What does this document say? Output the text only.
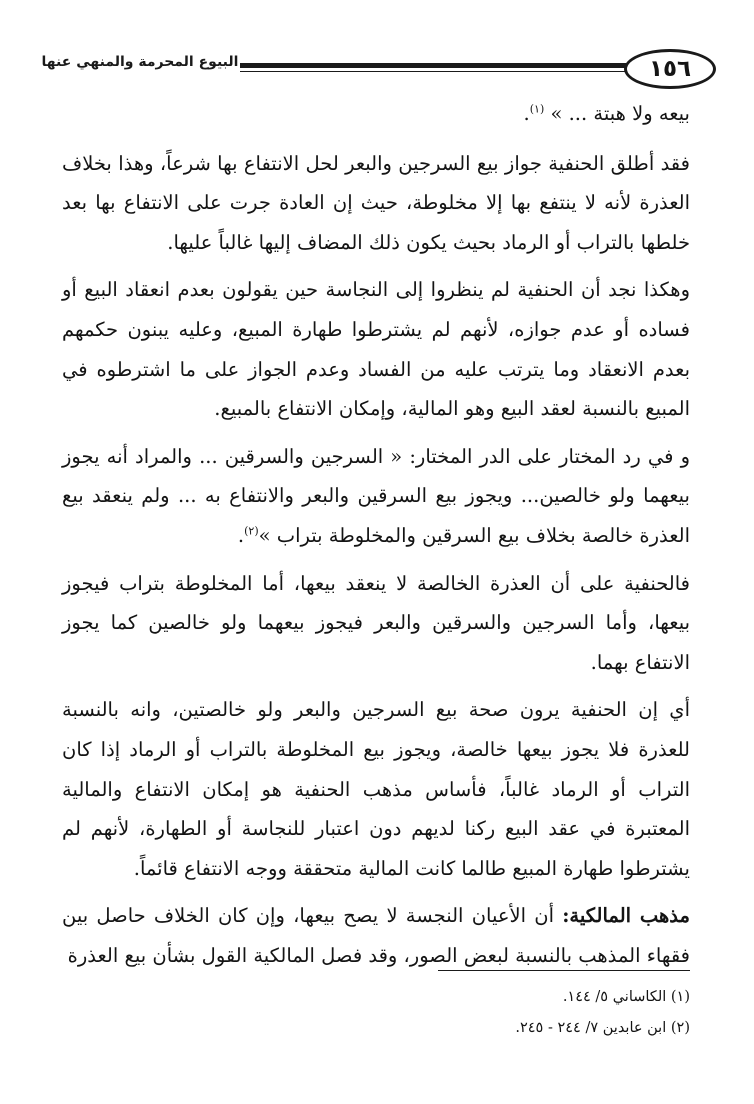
البيوع المحرمة والمنهي عنها	١٥٦

بيعه ولا هبتة ... » $^{(١)}$.

فقد أطلق الحنفية جواز بيع السرجين والبعر لحل الانتفاع بها شرعاً، وهذا بخلاف العذرة لأنه لا ينتفع بها إلا مخلوطة، حيث إن العادة جرت على الانتفاع بها بعد خلطها بالتراب أو الرماد بحيث يكون ذلك المضاف إليها غالباً عليها.

وهكذا نجد أن الحنفية لم ينظروا إلى النجاسة حين يقولون بعدم انعقاد البيع أو فساده أو عدم جوازه، لأنهم لم يشترطوا طهارة المبيع، وعليه يبنون حكمهم بعدم الانعقاد وما يترتب عليه من الفساد وعدم الجواز على ما اشترطوه في المبيع بالنسبة لعقد البيع وهو المالية، وإمكان الانتفاع بالمبيع.

و في رد المختار على الدر المختار: « السرجين والسرقين ... والمراد أنه يجوز بيعهما ولو خالصين... ويجوز بيع السرقين والبعر والانتفاع به ... ولم ينعقد بيع العذرة خالصة بخلاف بيع السرقين والمخلوطة بتراب »$^{(٢)}$.

فالحنفية على أن العذرة الخالصة لا ينعقد بيعها، أما المخلوطة بتراب فيجوز بيعها، وأما السرجين والسرقين والبعر فيجوز بيعهما ولو خالصين كما يجوز الانتفاع بهما.

أي إن الحنفية يرون صحة بيع السرجين والبعر ولو خالصتين، وانه بالنسبة للعذرة فلا يجوز بيعها خالصة، ويجوز بيع المخلوطة بالتراب أو الرماد إذا كان التراب أو الرماد غالباً، فأساس مذهب الحنفية هو إمكان الانتفاع والمالية المعتبرة في عقد البيع ركنا لديهم دون اعتبار للنجاسة أو الطهارة، لأنهم لم يشترطوا طهارة المبيع طالما كانت المالية متحققة ووجه الانتفاع قائماً.

مذهب المالكية: أن الأعيان النجسة لا يصح بيعها، وإن كان الخلاف حاصل بين فقهاء المذهب بالنسبة لبعض الصور، وقد فصل المالكية القول بشأن بيع العذرة

(١) الكاساني ٥/ ١٤٤.

(٢) ابن عابدين ٧/ ٢٤٤ - ٢٤٥.
